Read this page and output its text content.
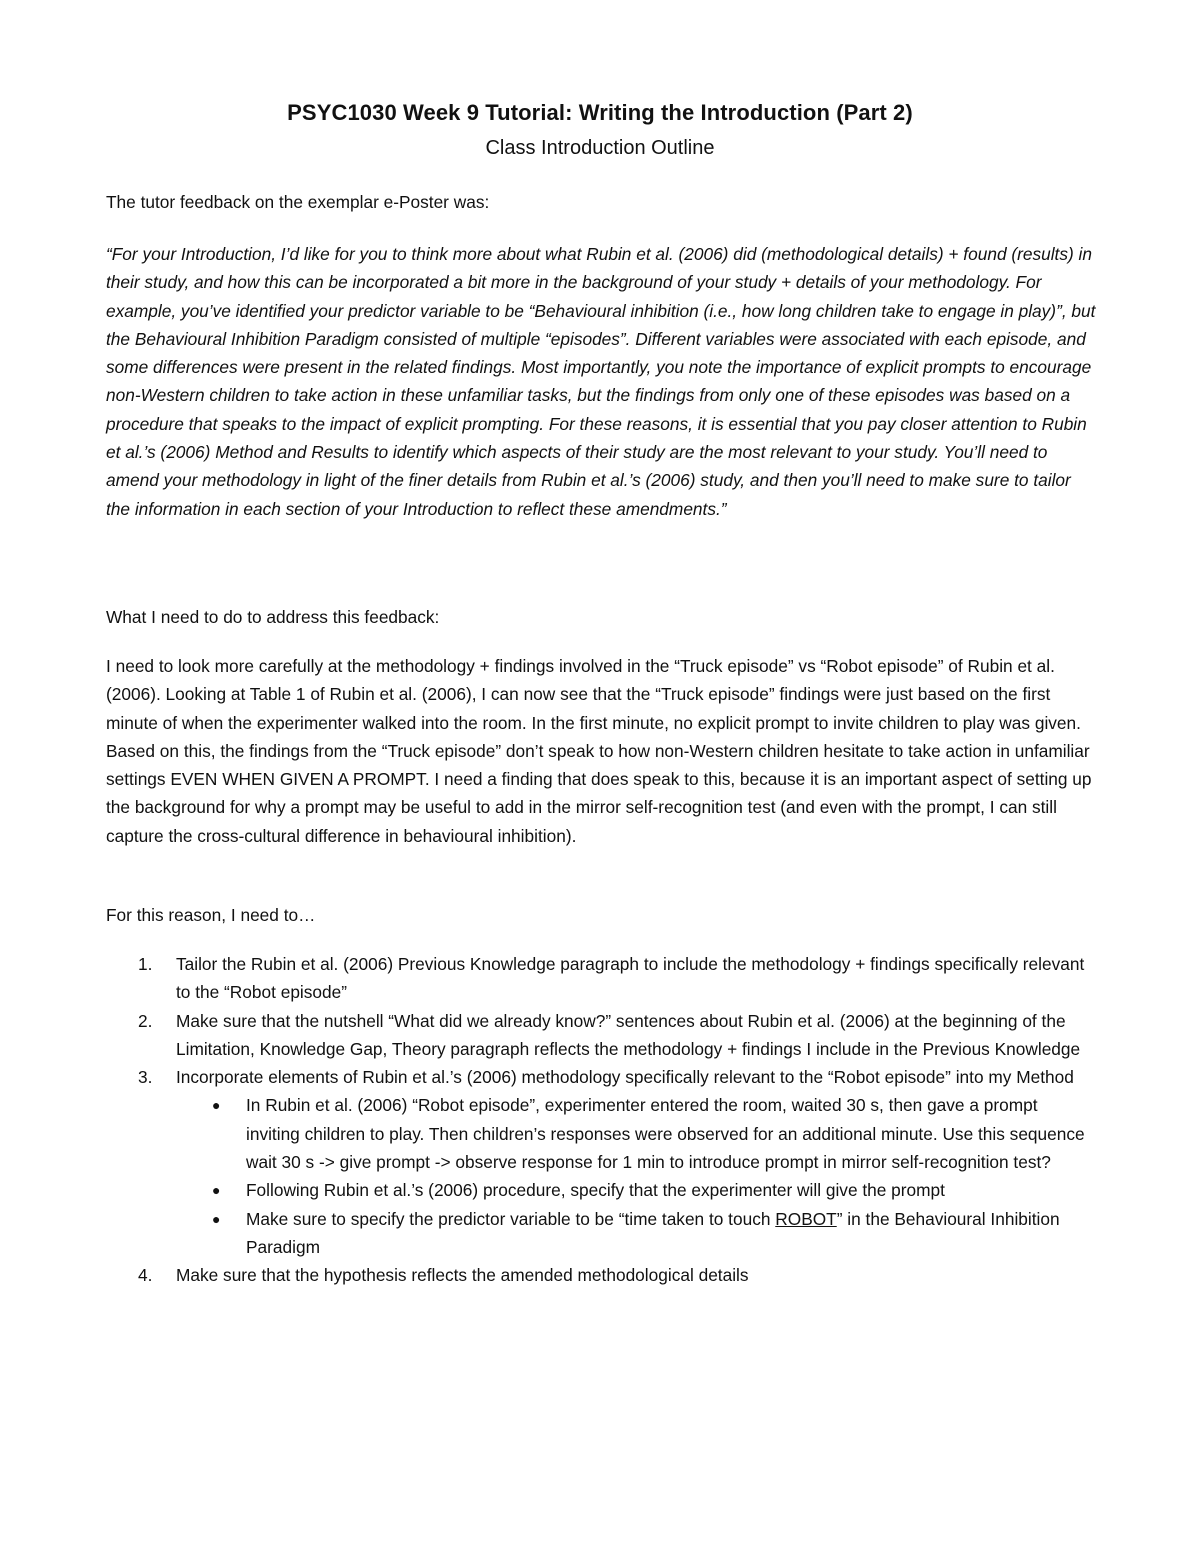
PSYC1030 Week 9 Tutorial: Writing the Introduction (Part 2)
Class Introduction Outline

The tutor feedback on the exemplar e-Poster was:

“For your Introduction, I’d like for you to think more about what Rubin et al. (2006) did (methodological details) + found (results) in their study, and how this can be incorporated a bit more in the background of your study + details of your methodology. For example, you’ve identified your predictor variable to be “Behavioural inhibition (i.e., how long children take to engage in play)”, but the Behavioural Inhibition Paradigm consisted of multiple “episodes”. Different variables were associated with each episode, and some differences were present in the related findings. Most importantly, you note the importance of explicit prompts to encourage non-Western children to take action in these unfamiliar tasks, but the findings from only one of these episodes was based on a procedure that speaks to the impact of explicit prompting. For these reasons, it is essential that you pay closer attention to Rubin et al.’s (2006) Method and Results to identify which aspects of their study are the most relevant to your study. You’ll need to amend your methodology in light of the finer details from Rubin et al.’s (2006) study, and then you’ll need to make sure to tailor the information in each section of your Introduction to reflect these amendments.”

What I need to do to address this feedback:

I need to look more carefully at the methodology + findings involved in the “Truck episode” vs “Robot episode” of Rubin et al. (2006). Looking at Table 1 of Rubin et al. (2006), I can now see that the “Truck episode” findings were just based on the first minute of when the experimenter walked into the room. In the first minute, no explicit prompt to invite children to play was given. Based on this, the findings from the “Truck episode” don’t speak to how non-Western children hesitate to take action in unfamiliar settings EVEN WHEN GIVEN A PROMPT. I need a finding that does speak to this, because it is an important aspect of setting up the background for why a prompt may be useful to add in the mirror self-recognition test (and even with the prompt, I can still capture the cross-cultural difference in behavioural inhibition).

For this reason, I need to…

1. Tailor the Rubin et al. (2006) Previous Knowledge paragraph to include the methodology + findings specifically relevant to the “Robot episode”
2. Make sure that the nutshell “What did we already know?” sentences about Rubin et al. (2006) at the beginning of the Limitation, Knowledge Gap, Theory paragraph reflects the methodology + findings I include in the Previous Knowledge
3. Incorporate elements of Rubin et al.’s (2006) methodology specifically relevant to the “Robot episode” into my Method
● In Rubin et al. (2006) “Robot episode”, experimenter entered the room, waited 30 s, then gave a prompt inviting children to play. Then children’s responses were observed for an additional minute. Use this sequence wait 30 s -> give prompt -> observe response for 1 min to introduce prompt in mirror self-recognition test?
● Following Rubin et al.’s (2006) procedure, specify that the experimenter will give the prompt
● Make sure to specify the predictor variable to be “time taken to touch ROBOT” in the Behavioural Inhibition Paradigm
4. Make sure that the hypothesis reflects the amended methodological details
